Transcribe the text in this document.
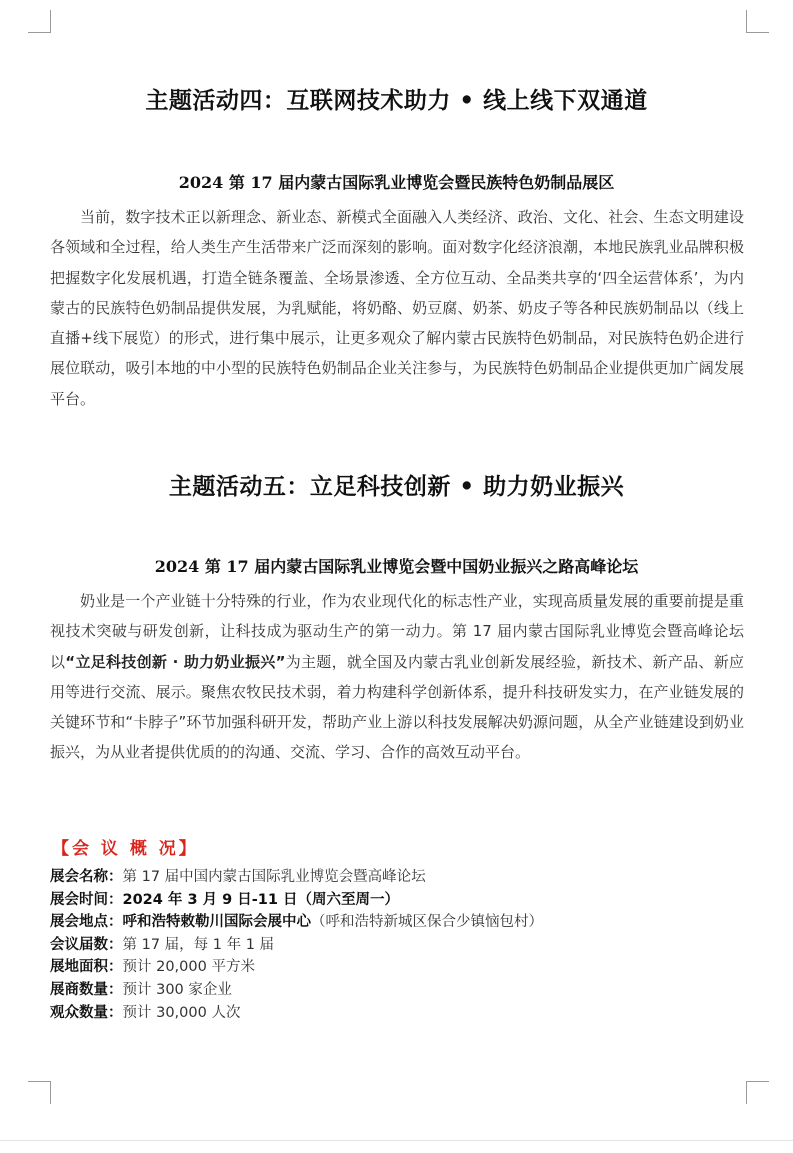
主题活动四：互联网技术助力 • 线上线下双通道
2024 第 17 届内蒙古国际乳业博览会暨民族特色奶制品展区

当前，数字技术正以新理念、新业态、新模式全面融入人类经济、政治、文化、社会、生态文明建设各领域和全过程，给人类生产生活带来广泛而深刻的影响。面对数字化经济浪潮，本地民族乳业品牌积极把握数字化发展机遇，打造全链条覆盖、全场景渗透、全方位互动、全品类共享的‘四全运营体系’，为内蒙古的民族特色奶制品提供发展，为乳赋能，将奶酪、奶豆腐、奶茶、奶皮子等各种民族奶制品以（线上直播+线下展览）的形式，进行集中展示，让更多观众了解内蒙古民族特色奶制品，对民族特色奶企进行展位联动，吸引本地的中小型的民族特色奶制品企业关注参与，为民族特色奶制品企业提供更加广阔发展平台。

主题活动五：立足科技创新 • 助力奶业振兴
2024 第 17 届内蒙古国际乳业博览会暨中国奶业振兴之路高峰论坛

奶业是一个产业链十分特殊的行业，作为农业现代化的标志性产业，实现高质量发展的重要前提是重视技术突破与研发创新，让科技成为驱动生产的第一动力。第 17 届内蒙古国际乳业博览会暨高峰论坛以“立足科技创新 · 助力奶业振兴”为主题，就全国及内蒙古乳业创新发展经验，新技术、新产品、新应用等进行交流、展示。聚焦农牧民技术弱，着力构建科学创新体系，提升科技研发实力，在产业链发展的关键环节和“卡脖子”环节加强科研开发，帮助产业上游以科技发展解决奶源问题，从全产业链建设到奶业振兴，为从业者提供优质的的沟通、交流、学习、合作的高效互动平台。

【会 议 概 况】
展会名称：第 17 届中国内蒙古国际乳业博览会暨高峰论坛
展会时间：2024 年 3 月 9 日-11 日（周六至周一）
展会地点：呼和浩特敕勒川国际会展中心（呼和浩特新城区保合少镇恼包村）
会议届数：第 17 届，每 1 年 1 届
展地面积：预计 20,000 平方米
展商数量：预计 300 家企业
观众数量：预计 30,000 人次
